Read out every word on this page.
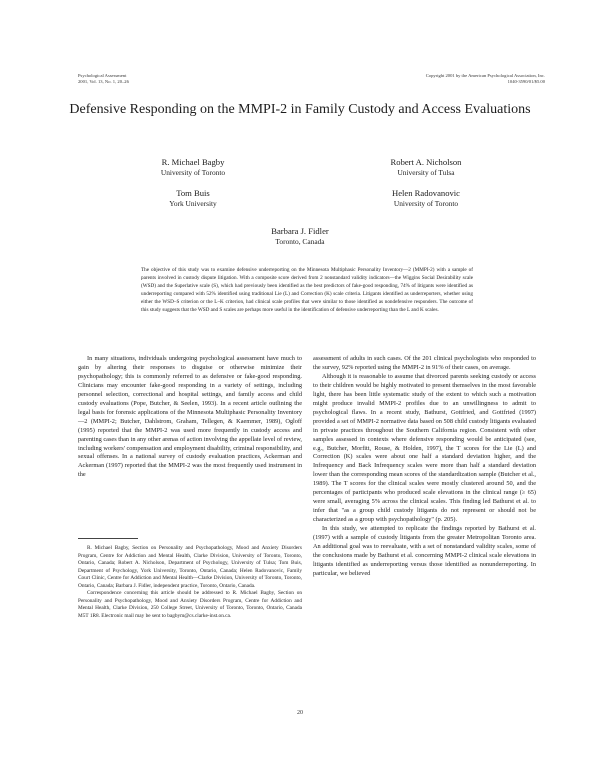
Psychological Assessment
2001, Vol. 13, No. 1, 20–26
Copyright 2001 by the American Psychological Association, Inc.
1040-3590/01/$5.00
Defensive Responding on the MMPI-2 in Family Custody and Access Evaluations
R. Michael Bagby
University of Toronto
Robert A. Nicholson
University of Tulsa
Tom Buis
York University
Helen Radovanovic
University of Toronto
Barbara J. Fidler
Toronto, Canada

The objective of this study was to examine defensive underreporting on the Minnesota Multiphasic Personality Inventory—2 (MMPI-2) with a sample of parents involved in custody dispute litigation. With a composite score derived from 2 nonstandard validity indicators—the Wiggins Social Desirability scale (WSD) and the Superlative scale (S), which had previously been identified as the best predictors of fake-good responding, 74% of litigants were identified as underreporting compared with 52% identified using traditional Lie (L) and Correction (K) scale criteria. Litigants identified as underreporters, whether using either the WSD–S criterion or the L–K criterion, had clinical scale profiles that were similar to those identified as nondefensive responders. The outcome of this study suggests that the WSD and S scales are perhaps more useful in the identification of defensive underreporting than the L and K scales.

In many situations, individuals undergoing psychological assessment have much to gain by altering their responses to disguise or otherwise minimize their psychopathology; this is commonly referred to as defensive or fake-good responding. Clinicians may encounter fake-good responding in a variety of settings, including personnel selection, correctional and hospital settings, and family access and child custody evaluations (Pope, Butcher, & Seelen, 1993). In a recent article outlining the legal basis for forensic applications of the Minnesota Multiphasic Personality Inventory—2 (MMPI-2; Butcher, Dahlstrom, Graham, Tellegen, & Kaemmer, 1989), Ogloff (1995) reported that the MMPI-2 was used more frequently in custody access and parenting cases than in any other arenas of action involving the appellate level of review, including workers' compensation and employment disability, criminal responsibility, and sexual offenses. In a national survey of custody evaluation practices, Ackerman and Ackerman (1997) reported that the MMPI-2 was the most frequently used instrument in the

assessment of adults in such cases. Of the 201 clinical psychologists who responded to the survey, 92% reported using the MMPI-2 in 91% of their cases, on average.

Although it is reasonable to assume that divorced parents seeking custody or access to their children would be highly motivated to present themselves in the most favorable light, there has been little systematic study of the extent to which such a motivation might produce invalid MMPI-2 profiles due to an unwillingness to admit to psychological flaws. In a recent study, Bathurst, Gottfried, and Gottfried (1997) provided a set of MMPI-2 normative data based on 508 child custody litigants evaluated in private practices throughout the Southern California region. Consistent with other samples assessed in contexts where defensive responding would be anticipated (see, e.g., Butcher, Morfitt, Rouse, & Holden, 1997), the T scores for the Lie (L) and Correction (K) scales were about one half a standard deviation higher, and the Infrequency and Back Infrequency scales were more than half a standard deviation lower than the corresponding mean scores of the standardization sample (Butcher et al., 1989). The T scores for the clinical scales were mostly clustered around 50, and the percentages of participants who produced scale elevations in the clinical range (≥ 65) were small, averaging 5% across the clinical scales. This finding led Bathurst et al. to infer that "as a group child custody litigants do not represent or should not be characterized as a group with psychopathology" (p. 205).

In this study, we attempted to replicate the findings reported by Bathurst et al. (1997) with a sample of custody litigants from the greater Metropolitan Toronto area. An additional goal was to reevaluate, with a set of nonstandard validity scales, some of the conclusions made by Bathurst et al. concerning MMPI-2 clinical scale elevations in litigants identified as underreporting versus those identified as nonunderreporting. In particular, we believed

R. Michael Bagby, Section on Personality and Psychopathology, Mood and Anxiety Disorders Program, Centre for Addiction and Mental Health, Clarke Division, University of Toronto, Toronto, Ontario, Canada; Robert A. Nicholson, Department of Psychology, University of Tulsa; Tom Buis, Department of Psychology, York University, Toronto, Ontario, Canada; Helen Radovanovic, Family Court Clinic, Centre for Addiction and Mental Health—Clarke Division, University of Toronto, Toronto, Ontario, Canada; Barbara J. Fidler, independent practice, Toronto, Ontario, Canada.

Correspondence concerning this article should be addressed to R. Michael Bagby, Section on Personality and Psychopathology, Mood and Anxiety Disorders Program, Centre for Addiction and Mental Health, Clarke Division, 250 College Street, University of Toronto, Toronto, Ontario, Canada M5T 1R8. Electronic mail may be sent to bagbym@cs.clarke-inst.on.ca.

20
